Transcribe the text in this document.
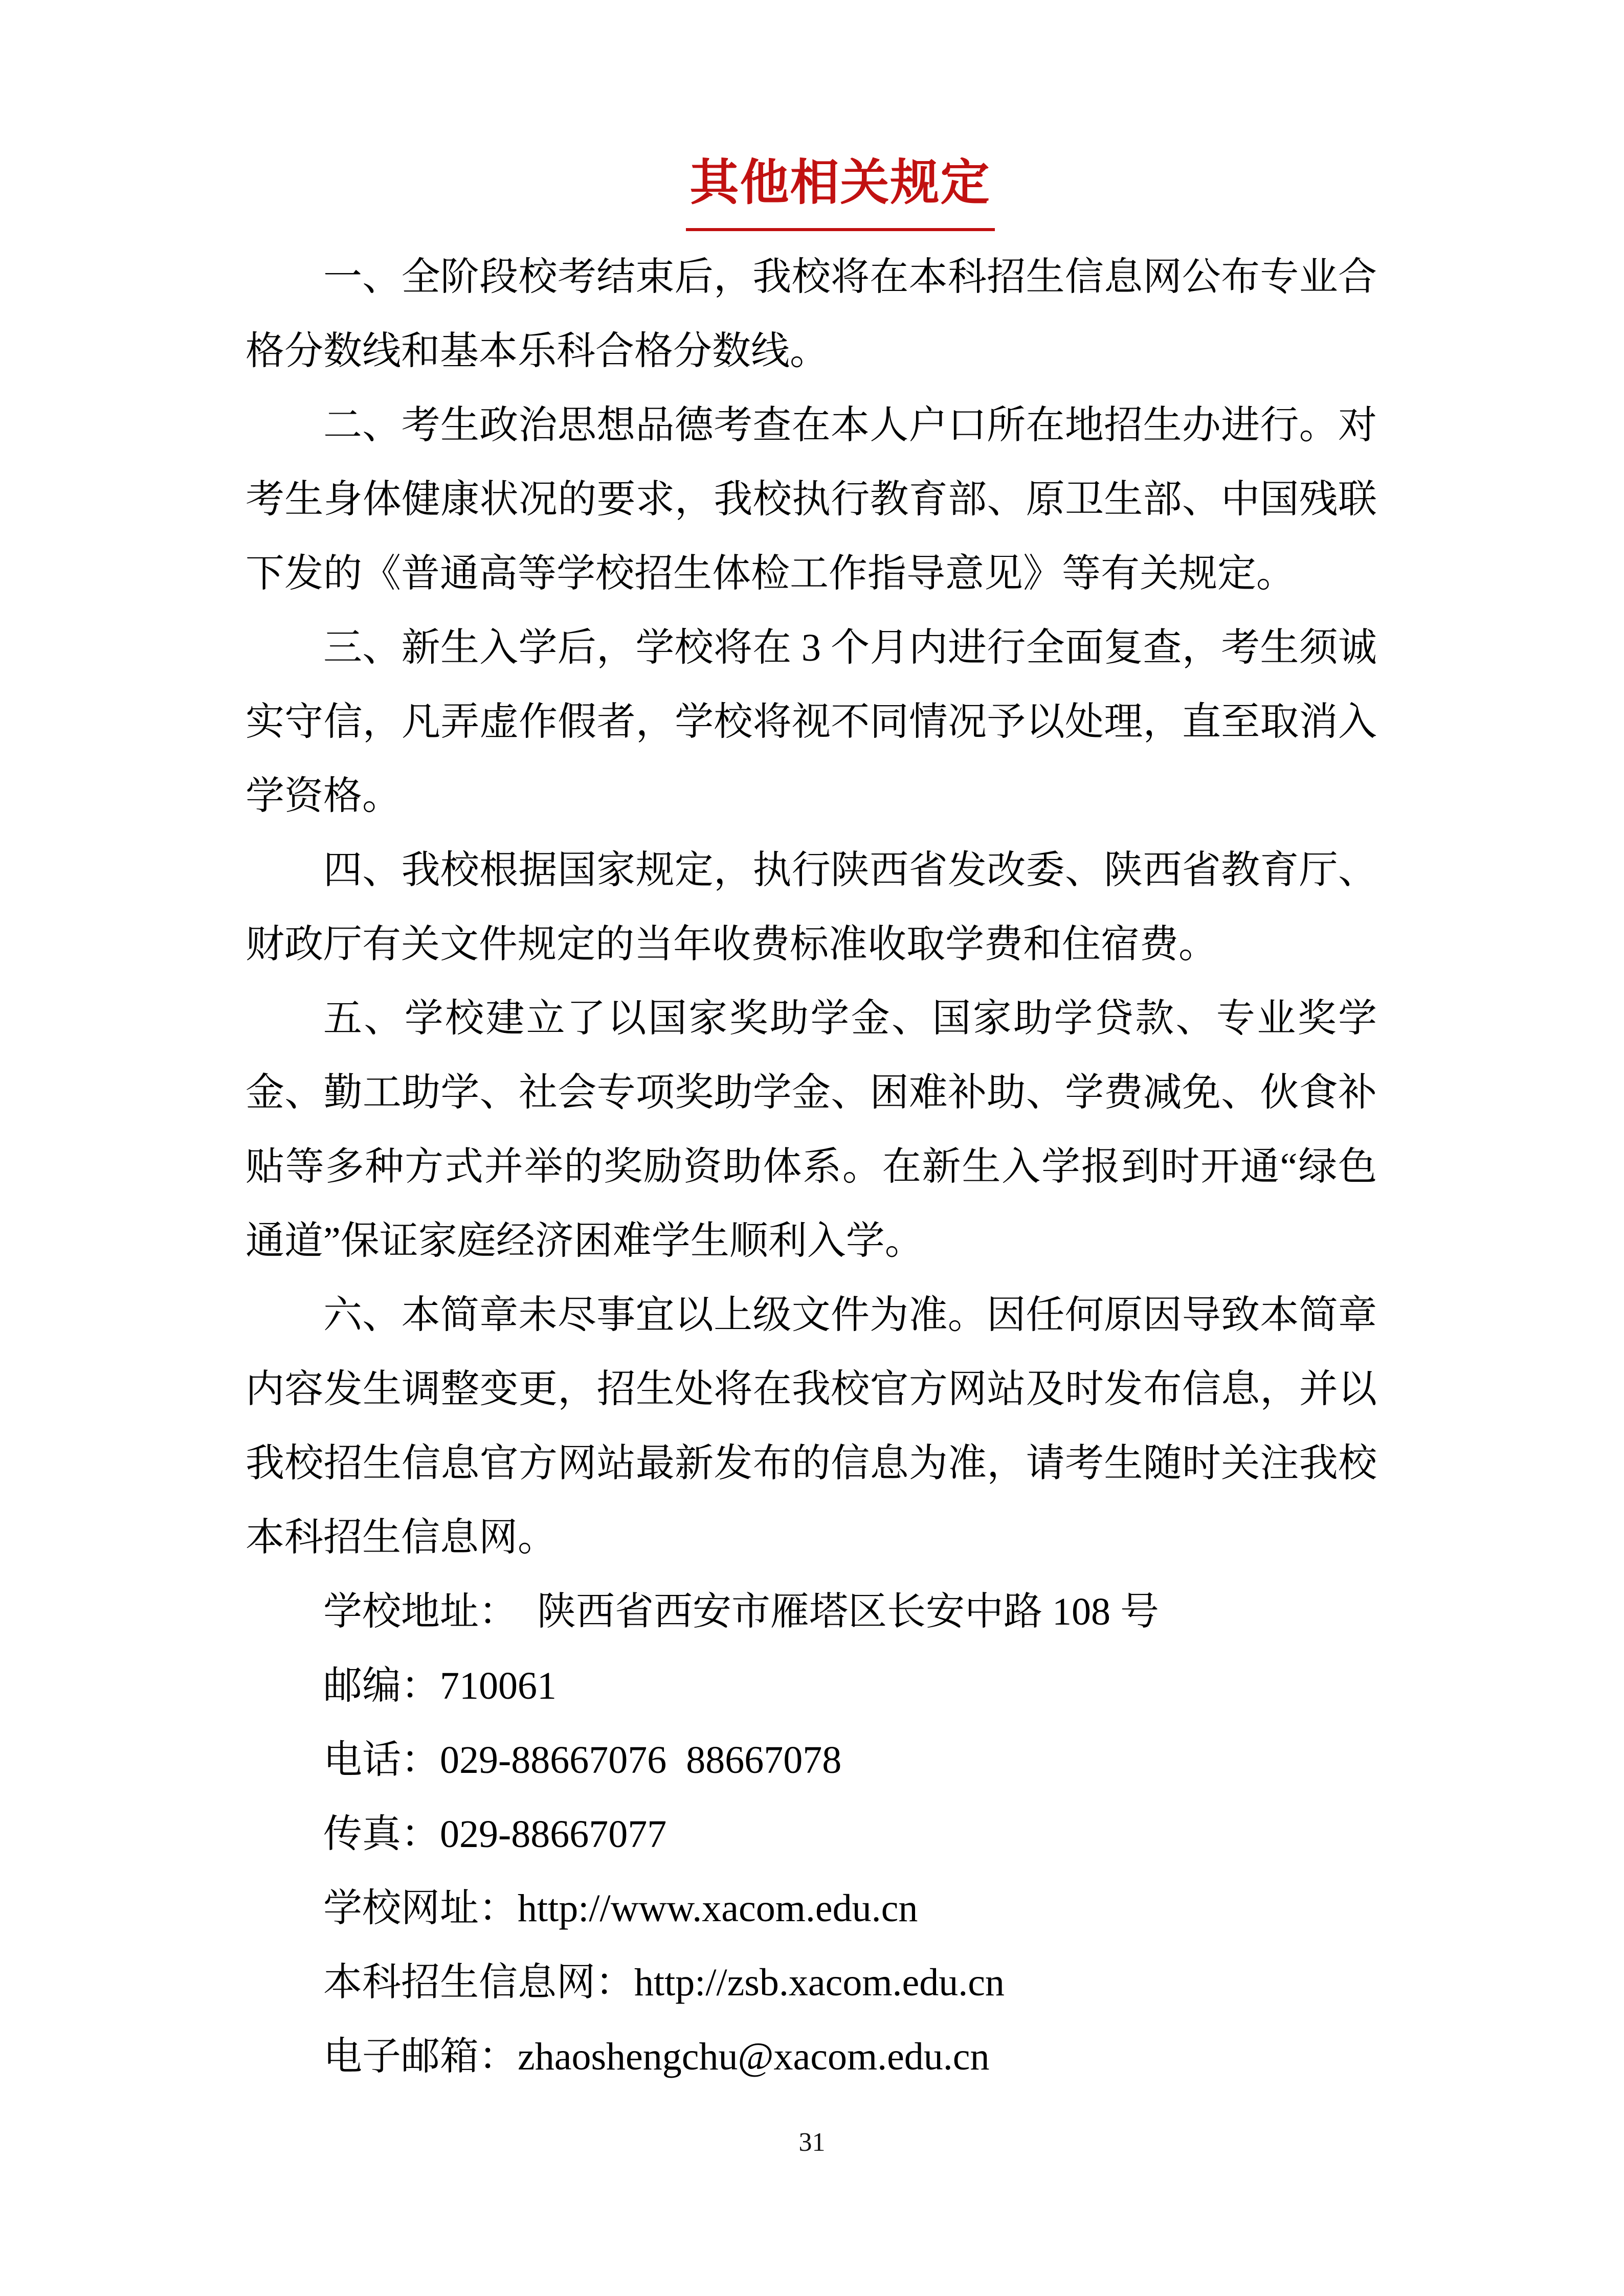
其他相关规定

一、全阶段校考结束后，我校将在本科招生信息网公布专业合格分数线和基本乐科合格分数线。

二、考生政治思想品德考查在本人户口所在地招生办进行。对考生身体健康状况的要求，我校执行教育部、原卫生部、中国残联下发的《普通高等学校招生体检工作指导意见》等有关规定。

三、新生入学后，学校将在 3 个月内进行全面复查，考生须诚实守信，凡弄虚作假者，学校将视不同情况予以处理，直至取消入学资格。

四、我校根据国家规定，执行陕西省发改委、陕西省教育厅、财政厅有关文件规定的当年收费标准收取学费和住宿费。

五、学校建立了以国家奖助学金、国家助学贷款、专业奖学金、勤工助学、社会专项奖助学金、困难补助、学费减免、伙食补贴等多种方式并举的奖励资助体系。在新生入学报到时开通“绿色通道”保证家庭经济困难学生顺利入学。

六、本简章未尽事宜以上级文件为准。因任何原因导致本简章内容发生调整变更，招生处将在我校官方网站及时发布信息，并以我校招生信息官方网站最新发布的信息为准，请考生随时关注我校本科招生信息网。

学校地址：　陕西省西安市雁塔区长安中路 108 号

邮编：710061

电话：029-88667076  88667078

传真：029-88667077

学校网址：http://www.xacom.edu.cn

本科招生信息网：http://zsb.xacom.edu.cn

电子邮箱：zhaoshengchu@xacom.edu.cn

31
